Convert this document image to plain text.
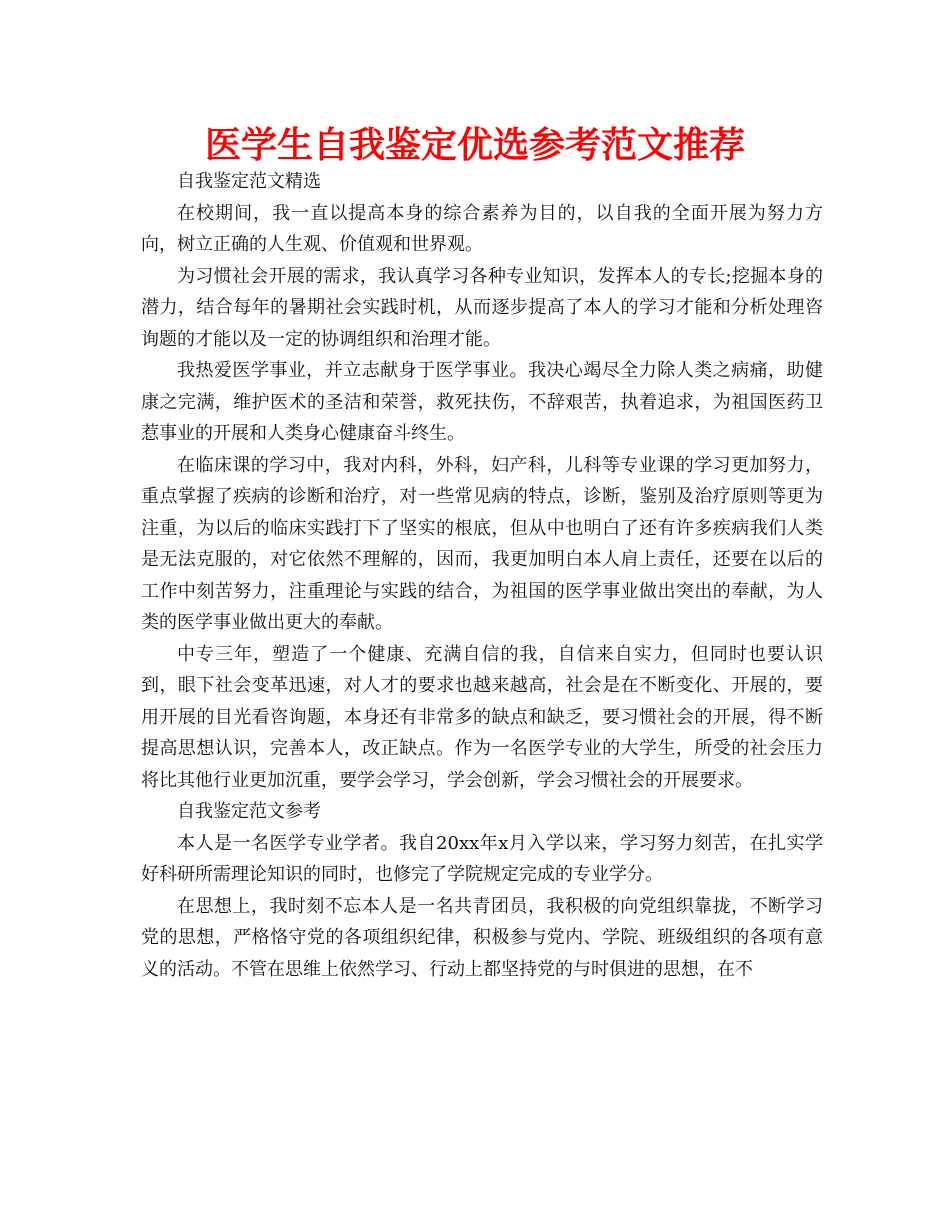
医学生自我鉴定优选参考范文推荐

自我鉴定范文精选

在校期间，我一直以提高本身的综合素养为目的，以自我的全面开展为努力方向，树立正确的人生观、价值观和世界观。

为习惯社会开展的需求，我认真学习各种专业知识，发挥本人的专长;挖掘本身的潜力，结合每年的暑期社会实践时机，从而逐步提高了本人的学习才能和分析处理咨询题的才能以及一定的协调组织和治理才能。

我热爱医学事业，并立志献身于医学事业。我决心竭尽全力除人类之病痛，助健康之完满，维护医术的圣洁和荣誉，救死扶伤，不辞艰苦，执着追求，为祖国医药卫惹事业的开展和人类身心健康奋斗终生。

在临床课的学习中，我对内科，外科，妇产科，儿科等专业课的学习更加努力，重点掌握了疾病的诊断和治疗，对一些常见病的特点，诊断，鉴别及治疗原则等更为注重，为以后的临床实践打下了坚实的根底，但从中也明白了还有许多疾病我们人类是无法克服的，对它依然不理解的，因而，我更加明白本人肩上责任，还要在以后的工作中刻苦努力，注重理论与实践的结合，为祖国的医学事业做出突出的奉献，为人类的医学事业做出更大的奉献。

中专三年，塑造了一个健康、充满自信的我，自信来自实力，但同时也要认识到，眼下社会变革迅速，对人才的要求也越来越高，社会是在不断变化、开展的，要用开展的目光看咨询题，本身还有非常多的缺点和缺乏，要习惯社会的开展，得不断提高思想认识，完善本人，改正缺点。作为一名医学专业的大学生，所受的社会压力将比其他行业更加沉重，要学会学习，学会创新，学会习惯社会的开展要求。

自我鉴定范文参考

本人是一名医学专业学者。我自20xx年x月入学以来，学习努力刻苦，在扎实学好科研所需理论知识的同时，也修完了学院规定完成的专业学分。

在思想上，我时刻不忘本人是一名共青团员，我积极的向党组织靠拢，不断学习党的思想，严格恪守党的各项组织纪律，积极参与党内、学院、班级组织的各项有意义的活动。不管在思维上依然学习、行动上都坚持党的与时俱进的思想，在不
